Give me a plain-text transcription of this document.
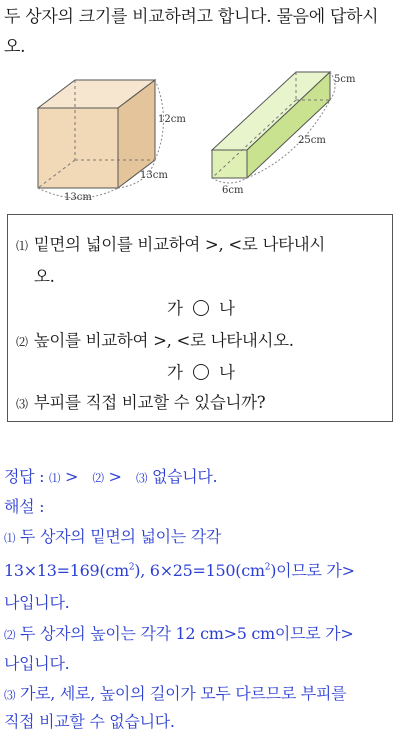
두 상자의 크기를 비교하려고 합니다. 물음에 답하시
오.
12cm
13cm
13cm
5cm
25cm
6cm
⑴ 밑면의 넓이를 비교하여 >, <로 나타내시
오.
가 나
⑵ 높이를 비교하여 >, <로 나타내시오.
가 나
⑶ 부피를 직접 비교할 수 있습니까?
정답 : ⑴ > ⑵ > ⑶ 없습니다.
해설 :
⑴ 두 상자의 밑면의 넓이는 각각
$13\times 13=169(cm^2)$, $6\times 25=150(cm^2)$이므로 가>
나입니다.
⑵ 두 상자의 높이는 각각 12 cm>5 cm이므로 가>
나입니다.
⑶ 가로, 세로, 높이의 길이가 모두 다르므로 부피를
직접 비교할 수 없습니다.
